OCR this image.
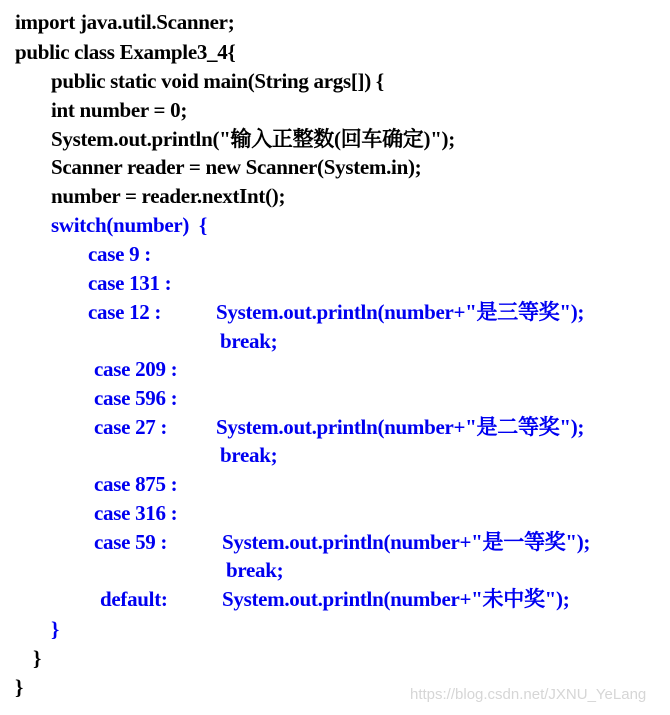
import java.util.Scanner;
public class Example3_4{
public static void main(String args[]) {
int number = 0;
System.out.println("输入正整数(回车确定)");
Scanner reader = new Scanner(System.in);
number = reader.nextInt();
switch(number)  {
case 9 :
case 131 :
case 12 :	System.out.println(number+"是三等奖");
break;
case 209 :
case 596 :
case 27 : System.out.println(number+"是二等奖");
break;
case 875 :
case 316 :
case 59 :	System.out.println(number+"是一等奖");
break;
default:	System.out.println(number+"未中奖");
}
}
}	https://blog.csdn.net/JXNU_YeLang
